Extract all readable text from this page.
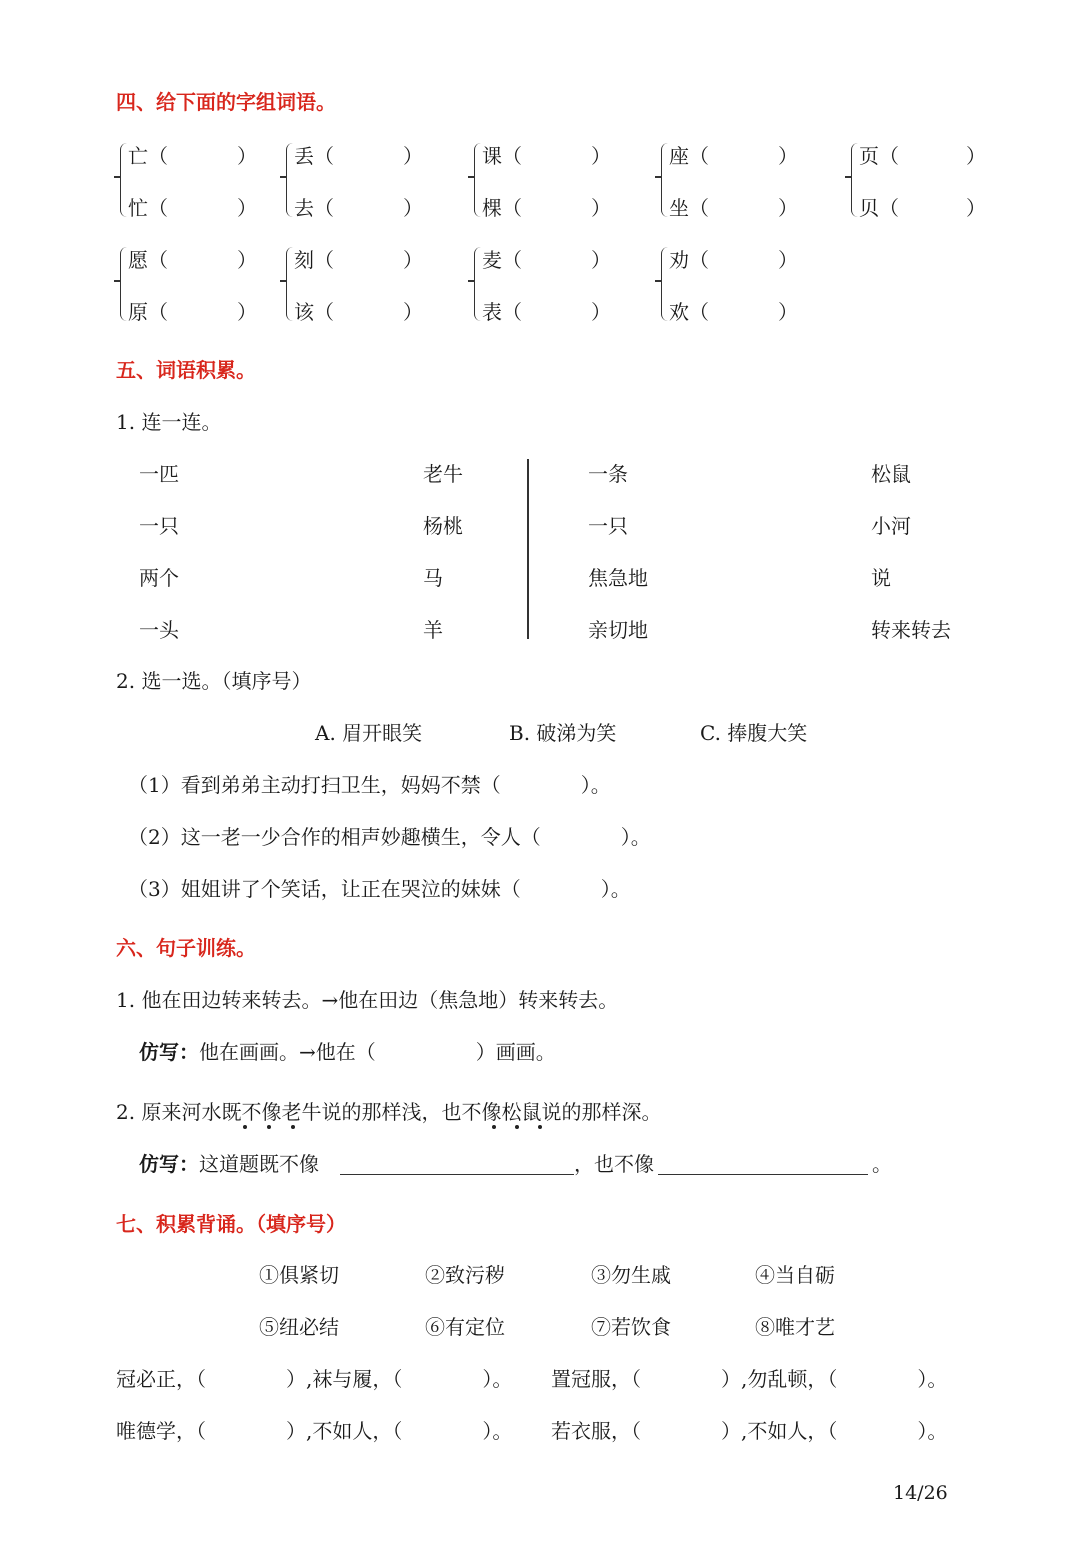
四、给下面的字组词语。
亡（	）
忙（	）
丢（	）
去（	）
课（	）
棵（	）
座（	）
坐（	）
页（	）
贝（	）
愿（	）
原（	）
刻（	）
该（	）
麦（	）
表（	）
劝（	）
欢（	）
五、词语积累。
1. 连一连。
一匹
一只
两个
一头
老牛
杨桃
马
羊
一条
一只
焦急地
亲切地
松鼠
小河
说
转来转去
2. 选一选。（填序号）
A. 眉开眼笑	B. 破涕为笑	C. 捧腹大笑
（1）看到弟弟主动打扫卫生，妈妈不禁（　　　　）。
（2）这一老一少合作的相声妙趣横生，令人（　　　　）。
（3）姐姐讲了个笑话，让正在哭泣的妹妹（　　　　）。
六、句子训练。
1. 他在田边转来转去。→他在田边（焦急地）转来转去。
仿写： 他在画画。→他在（　　　　　）画画。
2. 原来河水既不像老牛说的那样浅，也不像松鼠说的那样深。
仿写： 这道题既不像	，也不像	。
七、积累背诵。（填序号）
①俱紧切	②致污秽	③勿生戚	④当自砺
⑤纽必结	⑥有定位	⑦若饮食	⑧唯才艺
冠必正，（　　　　）,袜与履，（　　　　）。 置冠服，（　　　　）,勿乱顿，（　　　　）。
唯德学，（　　　　）,不如人，（　　　　）。 若衣服，（　　　　）,不如人，（　　　　）。
14/26
